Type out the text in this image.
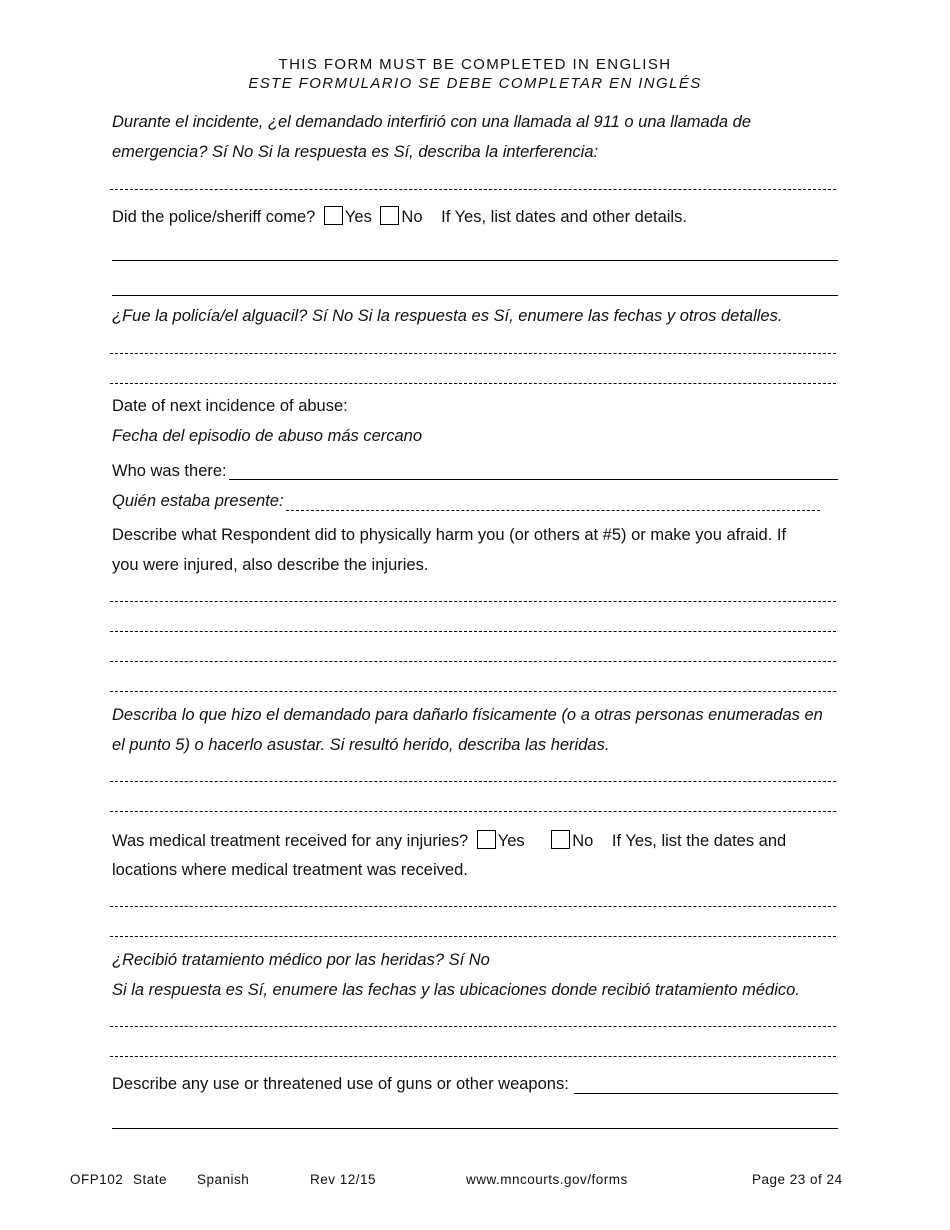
THIS FORM MUST BE COMPLETED IN ENGLISH
ESTE FORMULARIO SE DEBE COMPLETAR EN INGLÉS
Durante el incidente, ¿el demandado interfirió con una llamada al 911 o una llamada de
emergencia? Sí No Si la respuesta es Sí, describa la interferencia:
Did the police/sheriff come? Yes No If Yes, list dates and other details.
¿Fue la policía/el alguacil? Sí No Si la respuesta es Sí, enumere las fechas y otros detalles.
Date of next incidence of abuse:
Fecha del episodio de abuso más cercano
Who was there:
Quién estaba presente:
Describe what Respondent did to physically harm you (or others at #5) or make you afraid. If
you were injured, also describe the injuries.
Describa lo que hizo el demandado para dañarlo físicamente (o a otras personas enumeradas en
el punto 5) o hacerlo asustar. Si resultó herido, describa las heridas.
Was medical treatment received for any injuries? Yes	No If Yes, list the dates and
locations where medical treatment was received.
¿Recibió tratamiento médico por las heridas? Sí No
Si la respuesta es Sí, enumere las fechas y las ubicaciones donde recibió tratamiento médico.
Describe any use or threatened use of guns or other weapons:
OFP102 State Spanish	Rev 12/15	www.mncourts.gov/forms	Page 23 of 24
